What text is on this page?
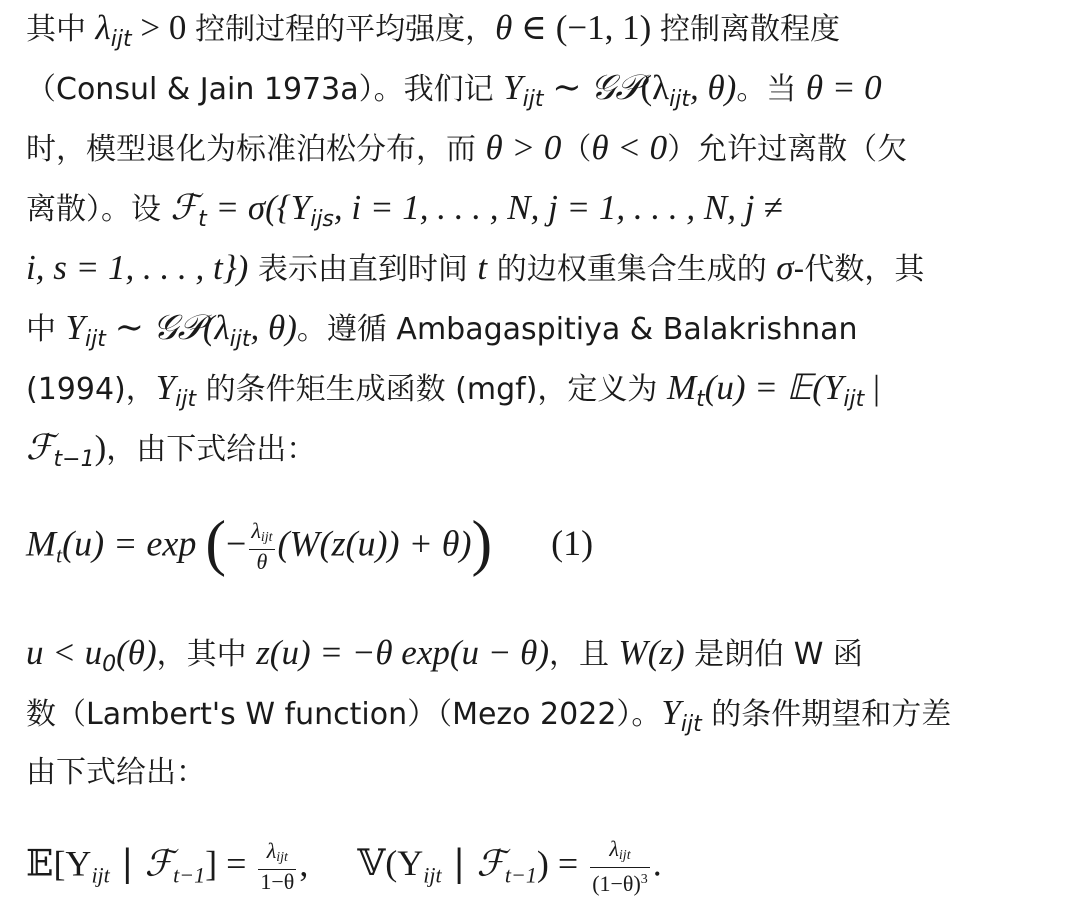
其中 $\lambda_{ijt} > 0$ 控制过程的平均强度，θ ∈ (−1, 1) 控制离散程度
（Consul & Jain 1973a）。我们记 $Y_{ijt}$ ∼ $𝒢𝒫(\lambda_{ijt}$, θ)。当 θ = 0
时，模型退化为标准泊松分布，而 θ > 0（θ < 0）允许过离散（欠
离散）。设 ℱ$_t$ = $\sigma(\{Y_{ijs}$, i = 1, . . . , N, j = 1, . . . , N, j ≠
i, s = 1, . . . , t}) 表示由直到时间 t 的边权重集合生成的 σ-代数，其
中 $Y_{ijt}$ ∼ $𝒢𝒫(\lambda_{ijt}$, θ)。遵循 Ambagaspitiya & Balakrishnan
(1994)，$Y_{ijt}$ 的条件矩生成函数 (mgf)，定义为 $M_t(u)$ = $𝔼(Y_{ijt}$ |
ℱ$_{t-1}$)，由下式给出：
$M_t(u) = \exp$ (− $\frac{\text{λijt}}{\theta} (W(z(u)) + \theta)$) (1)
$u < u_0(\theta)$，其中 z(u) = −θ exp(u − θ)，且 W(z) 是朗伯 W 函
数（Lambert's W function）（Mezo 2022）。$Y_{ijt}$ 的条件期望和方差
由下式给出：
$𝔼[Y_{ijt}$ | ℱ$_{t-1}$] = $\frac{\text{λijt}}{1-\theta}$ , $𝕍(Y_{ijt}$ | ℱ$_{t-1}$) = $\frac{\text{λijt}}{(1-\theta)^3}$ .
